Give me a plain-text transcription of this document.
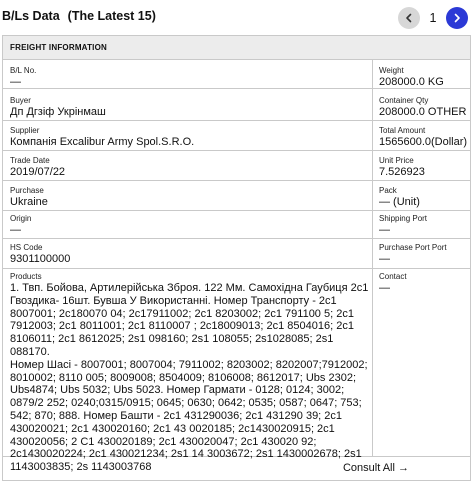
B/Ls Data (The Latest 15)	1
FREIGHT INFORMATION
B/L No.
—
Weight
208000.0 KG
Buyer
Дп Дгзіф Укрінмаш
Container Qty
208000.0 OTHER
Supplier
Компанія Excalibur Army Spol.S.R.O.
Total Amount
1565600.0(Dollar)
Trade Date
2019/07/22
Unit Price
7.526923
Purchase
Ukraine
Pack
— (Unit)
Origin
—
Shipping Port
—
HS Code
9301100000
Purchase Port Port
—
Products
1. Твп. Бойова, Артилерійська Зброя. 122 Мм. Самохідна Гаубиця 2с1
Гвоздика- 16шт. Бувша У Використанні. Номер Транспорту - 2с1
8007001; 2с180070 04; 2с17911002; 2с1 8203002; 2с1 791100 5; 2с1
7912003; 2с1 8011001; 2с1 8110007 ; 2с18009013; 2с1 8504016; 2с1
8106011; 2с1 8612025; 2s1 098160; 2s1 108055; 2s1028085; 2s1 088170.
Номер Шасі - 8007001; 8007004; 7911002; 8203002; 8202007;7912002;
8010002; 8110 005; 8009008; 8504009; 8106008; 8612017; Ubs 2302;
Ubs4874; Ubs 5032; Ubs 5023. Номер Гармати - 0128; 0124; 3002;
0879/2 252; 0240;0315/0915; 0645; 0630; 0642; 0535; 0587; 0647; 753;
542; 870; 888. Номер Башти - 2с1 431290036; 2с1 431290 39; 2с1
430020021; 2с1 430020160; 2с1 43 0020185; 2с1430020915; 2с1
430020056; 2 C1 430020189; 2с1 430020047; 2с1 430020 92;
2с1430020224; 2с1 430021234; 2s1 14 3003672; 2s1 1430002678; 2s1
1143003835; 2s 1143003768
Contact
—
Consult All →
